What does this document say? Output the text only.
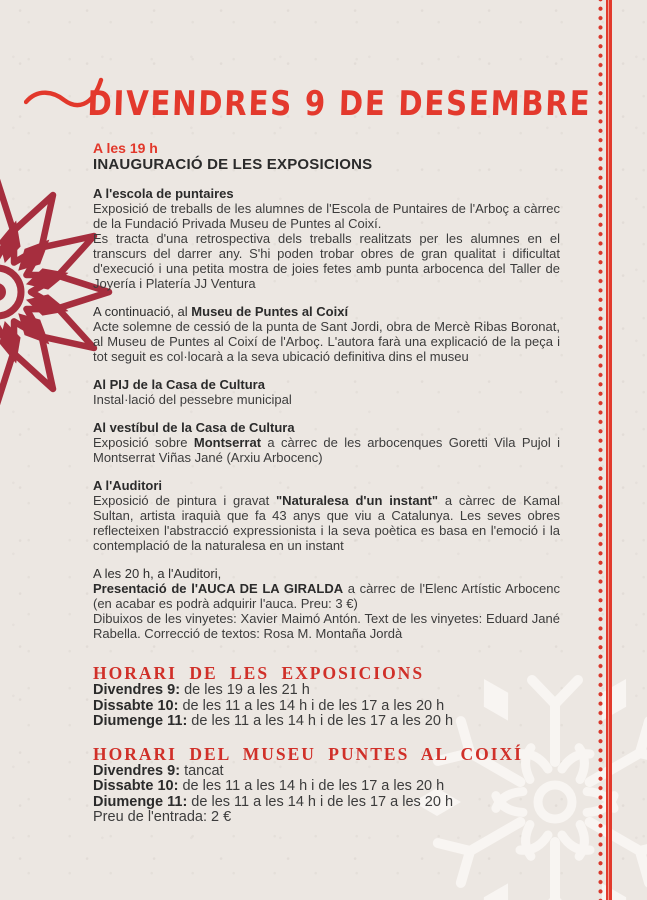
DIVENDRES 9 DE DESEMBRE
A les 19 h
INAUGURACIÓ DE LES EXPOSICIONS
A l'escola de puntaires
Exposició de treballs de les alumnes de l'Escola de Puntaires de l'Arboç a càrrec de la Fundació Privada Museu de Puntes al Coixí.
Es tracta d'una retrospectiva dels treballs realitzats per les alumnes en el transcurs del darrer any. S'hi poden trobar obres de gran qualitat i dificultat d'execució i una petita mostra de joies fetes amb punta arbocenca del Taller de Joyería i Platería JJ Ventura
A continuació, al Museu de Puntes al Coixí
Acte solemne de cessió de la punta de Sant Jordi, obra de Mercè Ribas Boronat, al Museu de Puntes al Coixí de l'Arboç. L'autora farà una explicació de la peça i tot seguit es col·locarà a la seva ubicació definitiva dins el museu
Al PIJ de la Casa de Cultura
Instal·lació del pessebre municipal
Al vestíbul de la Casa de Cultura
Exposició sobre Montserrat a càrrec de les arbocenques Goretti Vila Pujol i Montserrat Viñas Jané (Arxiu Arbocenc)
A l'Auditori
Exposició de pintura i gravat "Naturalesa d'un instant" a càrrec de Kamal Sultan, artista iraquià que fa 43 anys que viu a Catalunya. Les seves obres reflecteixen l'abstracció expressionista i la seva poètica es basa en l'emoció i la contemplació de la naturalesa en un instant
A les 20 h, a l'Auditori,
Presentació de l'AUCA DE LA GIRALDA a càrrec de l'Elenc Artístic Arbocenc (en acabar es podrà adquirir l'auca. Preu: 3 €)
Dibuixos de les vinyetes: Xavier Maimó Antón. Text de les vinyetes: Eduard Jané Rabella. Correcció de textos: Rosa M. Montaña Jordà
HORARI DE LES EXPOSICIONS
Divendres 9: de les 19 a les 21 h
Dissabte 10: de les 11 a les 14 h i de les 17 a les 20 h
Diumenge 11: de les 11 a les 14 h i de les 17 a les 20 h
HORARI DEL MUSEU PUNTES AL COIXÍ
Divendres 9: tancat
Dissabte 10: de les 11 a les 14 h i de les 17 a les 20 h
Diumenge 11: de les 11 a les 14 h i de les 17 a les 20 h
Preu de l'entrada: 2 €
